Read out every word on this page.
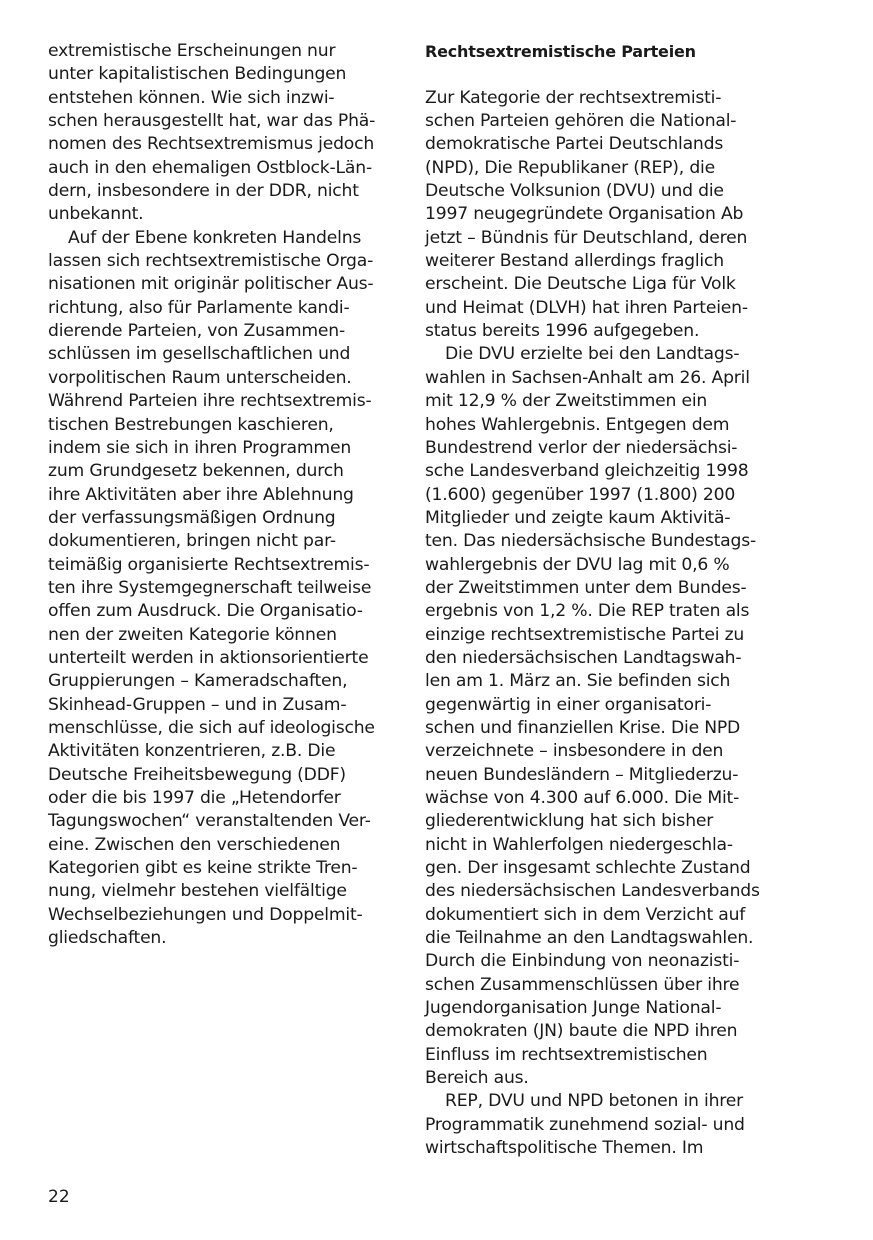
extremistische Erscheinungen nur
unter kapitalistischen Bedingungen
entstehen können. Wie sich inzwi-
schen herausgestellt hat, war das Phä-
nomen des Rechtsextremismus jedoch
auch in den ehemaligen Ostblock-Län-
dern, insbesondere in der DDR, nicht
unbekannt.
Auf der Ebene konkreten Handelns
lassen sich rechtsextremistische Orga-
nisationen mit originär politischer Aus-
richtung, also für Parlamente kandi-
dierende Parteien, von Zusammen-
schlüssen im gesellschaftlichen und
vorpolitischen Raum unterscheiden.
Während Parteien ihre rechtsextremis-
tischen Bestrebungen kaschieren,
indem sie sich in ihren Programmen
zum Grundgesetz bekennen, durch
ihre Aktivitäten aber ihre Ablehnung
der verfassungsmäßigen Ordnung
dokumentieren, bringen nicht par-
teimäßig organisierte Rechtsextremis-
ten ihre Systemgegnerschaft teilweise
offen zum Ausdruck. Die Organisatio-
nen der zweiten Kategorie können
unterteilt werden in aktionsorientierte
Gruppierungen – Kameradschaften,
Skinhead-Gruppen – und in Zusam-
menschlüsse, die sich auf ideologische
Aktivitäten konzentrieren, z.B. Die
Deutsche Freiheitsbewegung (DDF)
oder die bis 1997 die „Hetendorfer
Tagungswochen“ veranstaltenden Ver-
eine. Zwischen den verschiedenen
Kategorien gibt es keine strikte Tren-
nung, vielmehr bestehen vielfältige
Wechselbeziehungen und Doppelmit-
gliedschaften.
Rechtsextremistische Parteien
Zur Kategorie der rechtsextremisti-
schen Parteien gehören die National-
demokratische Partei Deutschlands
(NPD), Die Republikaner (REP), die
Deutsche Volksunion (DVU) und die
1997 neugegründete Organisation Ab
jetzt – Bündnis für Deutschland, deren
weiterer Bestand allerdings fraglich
erscheint. Die Deutsche Liga für Volk
und Heimat (DLVH) hat ihren Parteien-
status bereits 1996 aufgegeben.
Die DVU erzielte bei den Landtags-
wahlen in Sachsen-Anhalt am 26. April
mit 12,9 % der Zweitstimmen ein
hohes Wahlergebnis. Entgegen dem
Bundestrend verlor der niedersächsi-
sche Landesverband gleichzeitig 1998
(1.600) gegenüber 1997 (1.800) 200
Mitglieder und zeigte kaum Aktivitä-
ten. Das niedersächsische Bundestags-
wahlergebnis der DVU lag mit 0,6 %
der Zweitstimmen unter dem Bundes-
ergebnis von 1,2 %. Die REP traten als
einzige rechtsextremistische Partei zu
den niedersächsischen Landtagswah-
len am 1. März an. Sie befinden sich
gegenwärtig in einer organisatori-
schen und finanziellen Krise. Die NPD
verzeichnete – insbesondere in den
neuen Bundesländern – Mitgliederzu-
wächse von 4.300 auf 6.000. Die Mit-
gliederentwicklung hat sich bisher
nicht in Wahlerfolgen niedergeschla-
gen. Der insgesamt schlechte Zustand
des niedersächsischen Landesverbands
dokumentiert sich in dem Verzicht auf
die Teilnahme an den Landtagswahlen.
Durch die Einbindung von neonazisti-
schen Zusammenschlüssen über ihre
Jugendorganisation Junge National-
demokraten (JN) baute die NPD ihren
Einfluss im rechtsextremistischen
Bereich aus.
REP, DVU und NPD betonen in ihrer
Programmatik zunehmend sozial- und
wirtschaftspolitische Themen. Im
22
